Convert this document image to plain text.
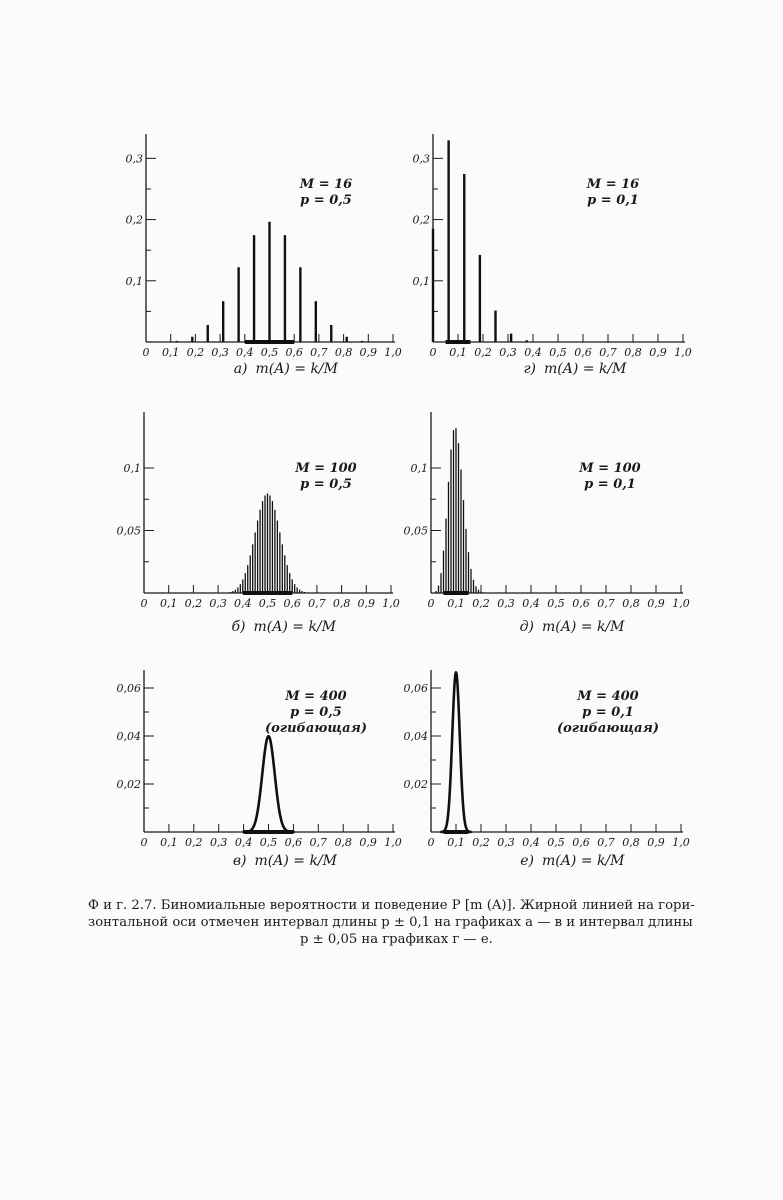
0 0,1 0,2 0,3 0,4 0,5 0,6 0,7 0,8 0,9 1,0
0,1
0,2
0,3
M = 16
p = 0,5
а) m(A) = k/M
0 0,1 0,2 0,3 0,4 0,5 0,6 0,7 0,8 0,9 1,0
0,1
0,2
0,3
M = 16
p = 0,1
г) m(A) = k/M
0 0,1 0,2 0,3 0,4 0,5 0,6 0,7 0,8 0,9 1,0
0,05
0,1	M = 100
p = 0,5
б) m(A) = k/M
0 0,1 0,2 0,3 0,4 0,5 0,6 0,7 0,8 0,9 1,0
0,05
0,1	M = 100
p = 0,1
д) m(A) = k/M
0 0,1 0,2 0,3 0,4 0,5 0,6 0,7 0,8 0,9 1,0
0,02
0,04
0,06
M = 400
p = 0,5
(огибающая)
в) m(A) = k/M
0 0,1 0,2 0,3 0,4 0,5 0,6 0,7 0,8 0,9 1,0
0,02
0,04
0,06
M = 400
p = 0,1
(огибающая)
е) m(A) = k/M
Ф и г. 2.7. Биномиальные вероятности и поведение P [m (A)]. Жирной линией на гори-
зонтальной оси отмечен интервал длины p ± 0,1 на графиках а — в и интервал длины
p ± 0,05 на графиках г — е.
